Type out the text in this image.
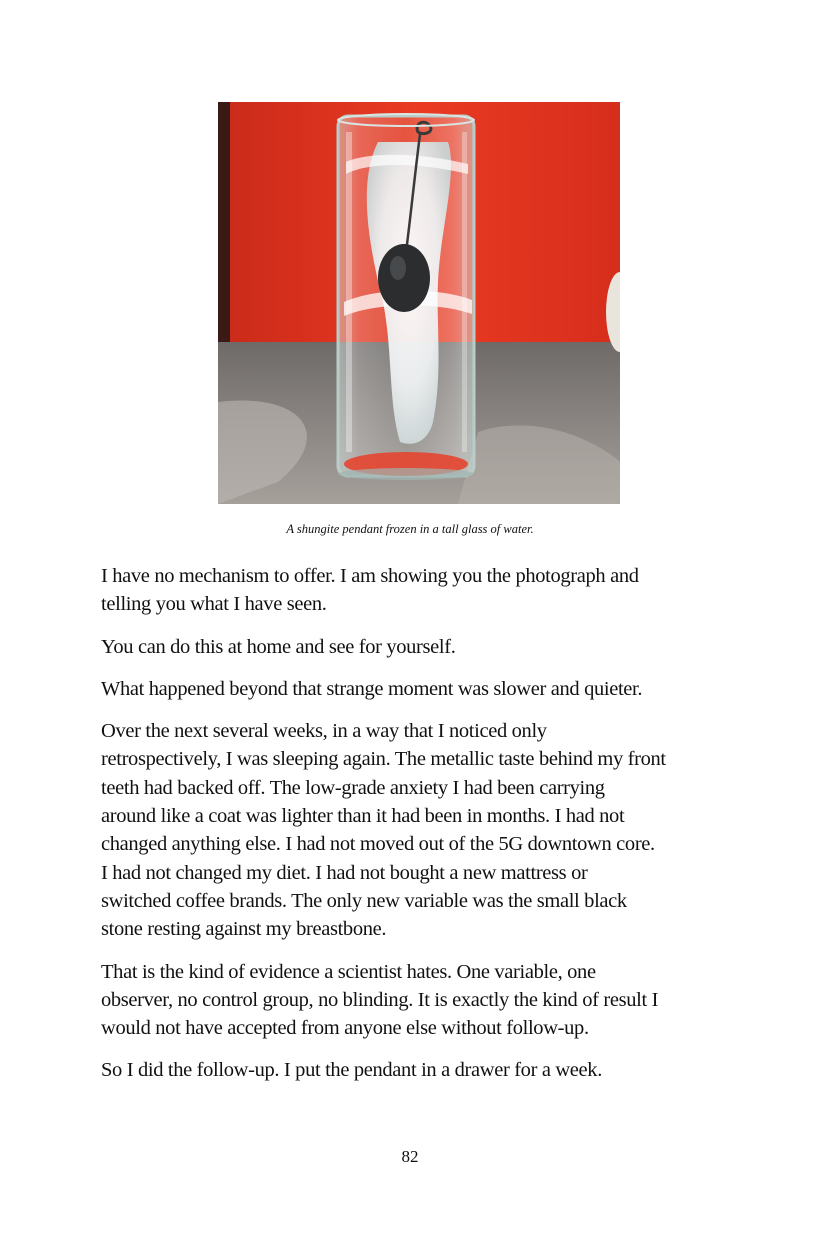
A shungite pendant frozen in a tall glass of water.

I have no mechanism to offer. I am showing you the photograph and
telling you what I have seen.

You can do this at home and see for yourself.

What happened beyond that strange moment was slower and quieter.

Over the next several weeks, in a way that I noticed only
retrospectively, I was sleeping again. The metallic taste behind my front
teeth had backed off. The low-grade anxiety I had been carrying
around like a coat was lighter than it had been in months. I had not
changed anything else. I had not moved out of the 5G downtown core.
I had not changed my diet. I had not bought a new mattress or
switched coffee brands. The only new variable was the small black
stone resting against my breastbone.

That is the kind of evidence a scientist hates. One variable, one
observer, no control group, no blinding. It is exactly the kind of result I
would not have accepted from anyone else without follow-up.

So I did the follow-up. I put the pendant in a drawer for a week.

82
